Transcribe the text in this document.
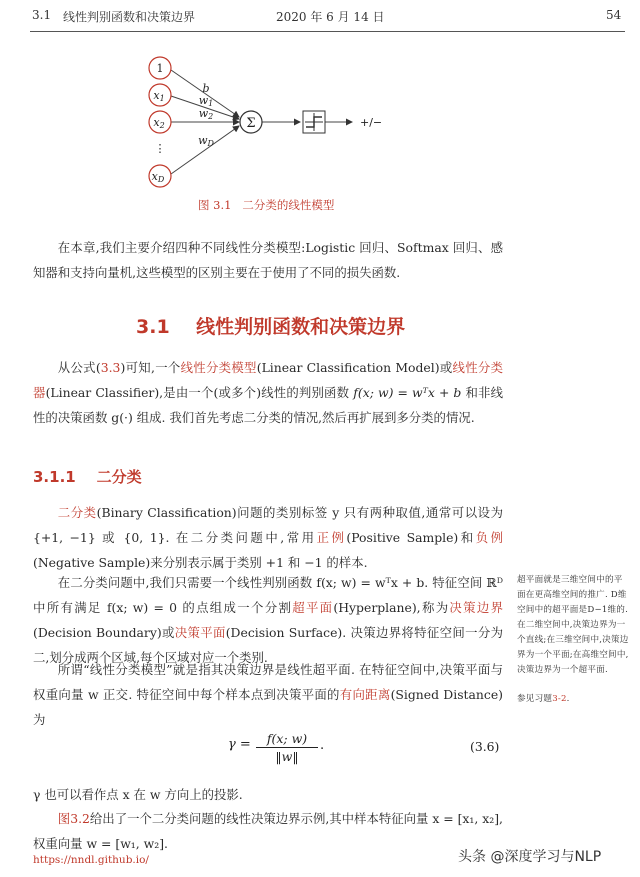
3.1 线性判别函数和决策边界	2020 年 6 月 14 日	54
1
x1
x2
⋮
xD
Σ
b
w1
w2
wD
+/−
图 3.1 二分类的线性模型
在本章,我们主要介绍四种不同线性分类模型:Logistic 回归、Softmax 回归、感知器和支持向量机,这些模型的区别主要在于使用了不同的损失函数.
3.1 线性判别函数和决策边界
从公式(3.3)可知,一个线性分类模型(Linear Classification Model)或线性分类器(Linear Classifier),是由一个(或多个)线性的判别函数 f(x; w) = wᵀx + b 和非线性的决策函数 g(·) 组成. 我们首先考虑二分类的情况,然后再扩展到多分类的情况.
3.1.1 二分类
二分类(Binary Classification)问题的类别标签 y 只有两种取值,通常可以设为 {+1, −1} 或 {0, 1}. 在二分类问题中,常用正例(Positive Sample)和负例(Negative Sample)来分别表示属于类别 +1 和 −1 的样本.
在二分类问题中,我们只需要一个线性判别函数 f(x; w) = wᵀx + b. 特征空间 ℝᴰ 中所有满足 f(x; w) = 0 的点组成一个分割超平面(Hyperplane),称为决策边界(Decision Boundary)或决策平面(Decision Surface). 决策边界将特征空间一分为二,划分成两个区域,每个区域对应一个类别.
所谓“线性分类模型”就是指其决策边界是线性超平面. 在特征空间中,决策平面与权重向量 w 正交. 特征空间中每个样本点到决策平面的有向距离(Signed Distance)为
γ =	f(x; w)
‖w‖
.	(3.6)
γ 也可以看作点 x 在 w 方向上的投影.
图3.2给出了一个二分类问题的线性决策边界示例,其中样本特征向量 x = [x₁, x₂],权重向量 w = [w₁, w₂].
超平面就是三维空间中的平面在更高维空间的推广. D维空间中的超平面是D−1维的. 在二维空间中,决策边界为一个直线;在三维空间中,决策边界为一个平面;在高维空间中,决策边界为一个超平面.
参见习题3-2.
https://nndl.github.io/	头条 @深度学习与NLP
